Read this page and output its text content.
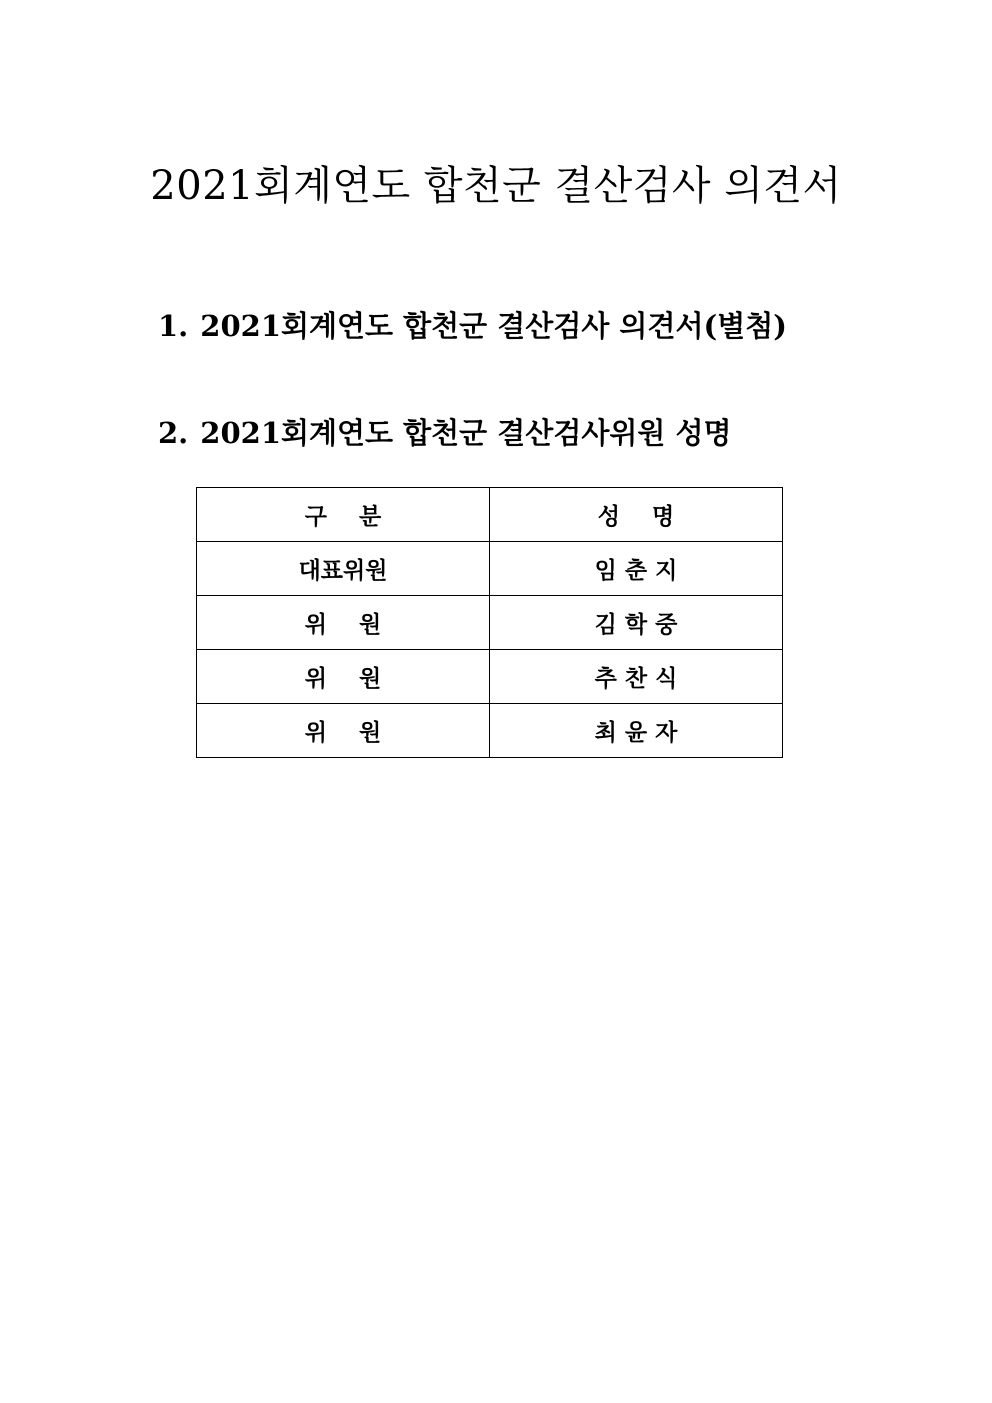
2021회계연도 합천군 결산검사 의견서
1. 2021회계연도 합천군 결산검사 의견서(별첨)
2. 2021회계연도 합천군 결산검사위원 성명
구    분	성    명
대표위원	임 춘 지
위    원	김 학 중
위    원	추 찬 식
위    원	최 윤 자
